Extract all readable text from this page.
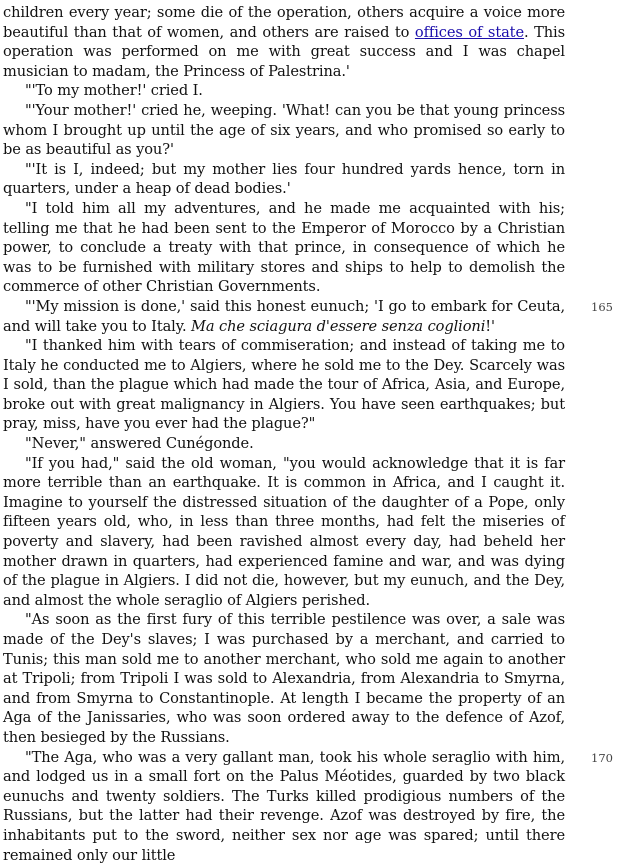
children every year; some die of the operation, others acquire a voice more beautiful than that of women, and others are raised to offices of state. This operation was performed on me with great success and I was chapel musician to madam, the Princess of Palestrina.'

"'To my mother!' cried I.

"'Your mother!' cried he, weeping. 'What! can you be that young princess whom I brought up until the age of six years, and who promised so early to be as beautiful as you?'

"'It is I, indeed; but my mother lies four hundred yards hence, torn in quarters, under a heap of dead bodies.'

"I told him all my adventures, and he made me acquainted with his; telling me that he had been sent to the Emperor of Morocco by a Christian power, to conclude a treaty with that prince, in consequence of which he was to be furnished with military stores and ships to help to demolish the commerce of other Christian Governments.

"'My mission is done,' said this honest eunuch; 'I go to embark for Ceuta, and will take you to Italy. Ma che sciagura d'essere senza coglioni!'

"I thanked him with tears of commiseration; and instead of taking me to Italy he conducted me to Algiers, where he sold me to the Dey. Scarcely was I sold, than the plague which had made the tour of Africa, Asia, and Europe, broke out with great malignancy in Algiers. You have seen earthquakes; but pray, miss, have you ever had the plague?"

"Never," answered Cunégonde.

"If you had," said the old woman, "you would acknowledge that it is far more terrible than an earthquake. It is common in Africa, and I caught it. Imagine to yourself the distressed situation of the daughter of a Pope, only fifteen years old, who, in less than three months, had felt the miseries of poverty and slavery, had been ravished almost every day, had beheld her mother drawn in quarters, had experienced famine and war, and was dying of the plague in Algiers. I did not die, however, but my eunuch, and the Dey, and almost the whole seraglio of Algiers perished.

"As soon as the first fury of this terrible pestilence was over, a sale was made of the Dey's slaves; I was purchased by a merchant, and carried to Tunis; this man sold me to another merchant, who sold me again to another at Tripoli; from Tripoli I was sold to Alexandria, from Alexandria to Smyrna, and from Smyrna to Constantinople. At length I became the property of an Aga of the Janissaries, who was soon ordered away to the defence of Azof, then besieged by the Russians.

"The Aga, who was a very gallant man, took his whole seraglio with him, and lodged us in a small fort on the Palus Méotides, guarded by two black eunuchs and twenty soldiers. The Turks killed prodigious numbers of the Russians, but the latter had their revenge. Azof was destroyed by fire, the inhabitants put to the sword, neither sex nor age was spared; until there remained only our little

165
170
